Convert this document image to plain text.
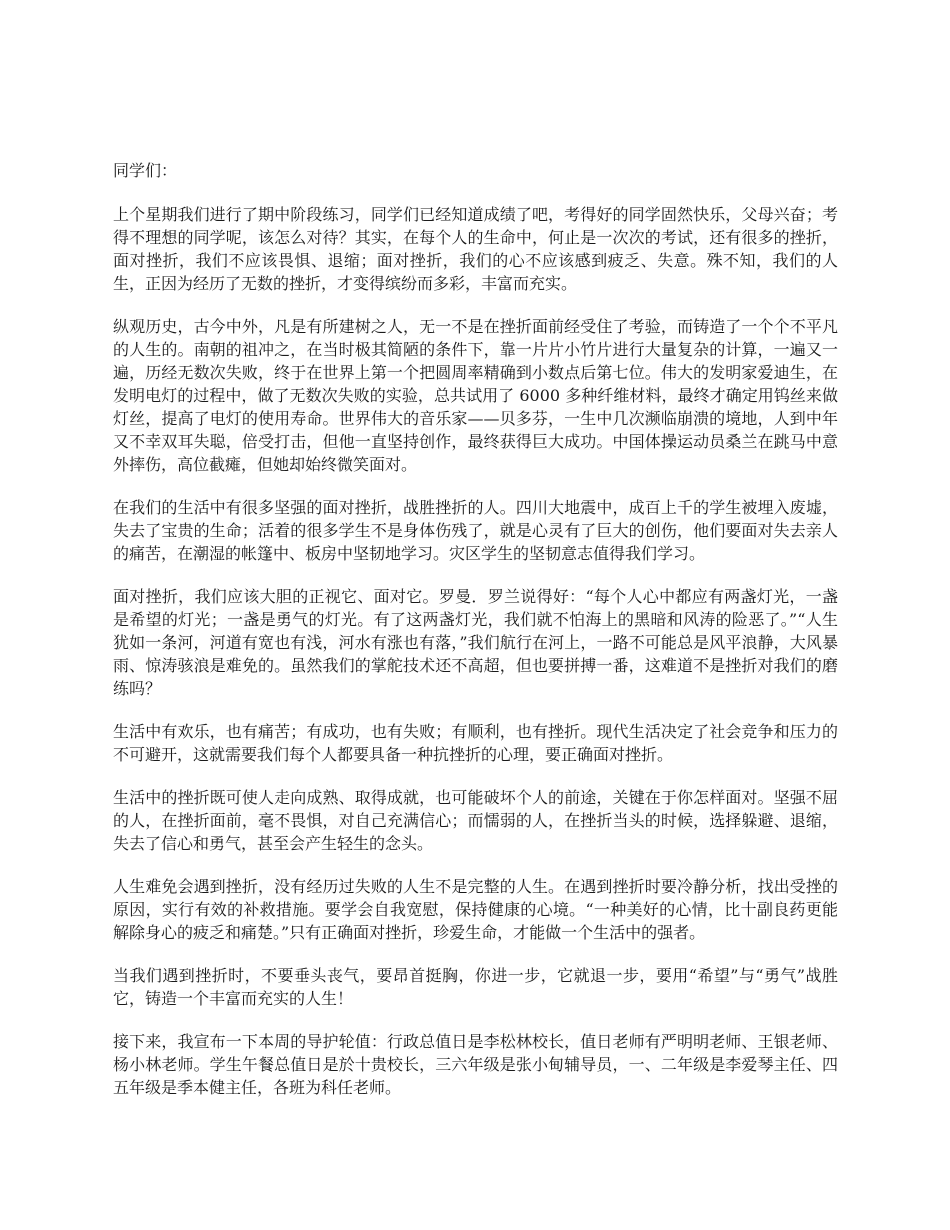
同学们：

上个星期我们进行了期中阶段练习，同学们已经知道成绩了吧，考得好的同学固然快乐，父母兴奋；考得不理想的同学呢，该怎么对待？其实，在每个人的生命中，何止是一次次的考试，还有很多的挫折，面对挫折，我们不应该畏惧、退缩；面对挫折，我们的心不应该感到疲乏、失意。殊不知，我们的人生，正因为经历了无数的挫折，才变得缤纷而多彩，丰富而充实。

纵观历史，古今中外，凡是有所建树之人，无一不是在挫折面前经受住了考验，而铸造了一个个不平凡的人生的。南朝的祖冲之，在当时极其简陋的条件下，靠一片片小竹片进行大量复杂的计算，一遍又一遍，历经无数次失败，终于在世界上第一个把圆周率精确到小数点后第七位。伟大的发明家爱迪生，在发明电灯的过程中，做了无数次失败的实验，总共试用了 6000 多种纤维材料，最终才确定用钨丝来做灯丝，提高了电灯的使用寿命。世界伟大的音乐家——贝多芬，一生中几次濒临崩溃的境地，人到中年又不幸双耳失聪，倍受打击，但他一直坚持创作，最终获得巨大成功。中国体操运动员桑兰在跳马中意外摔伤，高位截瘫，但她却始终微笑面对。

在我们的生活中有很多坚强的面对挫折，战胜挫折的人。四川大地震中，成百上千的学生被埋入废墟，失去了宝贵的生命；活着的很多学生不是身体伤残了，就是心灵有了巨大的创伤，他们要面对失去亲人的痛苦，在潮湿的帐篷中、板房中坚韧地学习。灾区学生的坚韧意志值得我们学习。

面对挫折，我们应该大胆的正视它、面对它。罗曼．罗兰说得好：“每个人心中都应有两盏灯光，一盏是希望的灯光；一盏是勇气的灯光。有了这两盏灯光，我们就不怕海上的黑暗和风涛的险恶了。”“人生犹如一条河，河道有宽也有浅，河水有涨也有落，”我们航行在河上，一路不可能总是风平浪静，大风暴雨、惊涛骇浪是难免的。虽然我们的掌舵技术还不高超，但也要拼搏一番，这难道不是挫折对我们的磨练吗？

生活中有欢乐，也有痛苦；有成功，也有失败；有顺利，也有挫折。现代生活决定了社会竞争和压力的不可避开，这就需要我们每个人都要具备一种抗挫折的心理，要正确面对挫折。

生活中的挫折既可使人走向成熟、取得成就，也可能破坏个人的前途，关键在于你怎样面对。坚强不屈的人，在挫折面前，毫不畏惧，对自己充满信心；而懦弱的人，在挫折当头的时候，选择躲避、退缩，失去了信心和勇气，甚至会产生轻生的念头。

人生难免会遇到挫折，没有经历过失败的人生不是完整的人生。在遇到挫折时要冷静分析，找出受挫的原因，实行有效的补救措施。要学会自我宽慰，保持健康的心境。“一种美好的心情，比十副良药更能解除身心的疲乏和痛楚。”只有正确面对挫折，珍爱生命，才能做一个生活中的强者。

当我们遇到挫折时，不要垂头丧气，要昂首挺胸，你进一步，它就退一步，要用“希望”与“勇气”战胜它，铸造一个丰富而充实的人生！

接下来，我宣布一下本周的导护轮值：行政总值日是李松林校长，值日老师有严明明老师、王银老师、杨小林老师。学生午餐总值日是於十贵校长，三六年级是张小甸辅导员，一、二年级是李爱琴主任、四五年级是季本健主任，各班为科任老师。
